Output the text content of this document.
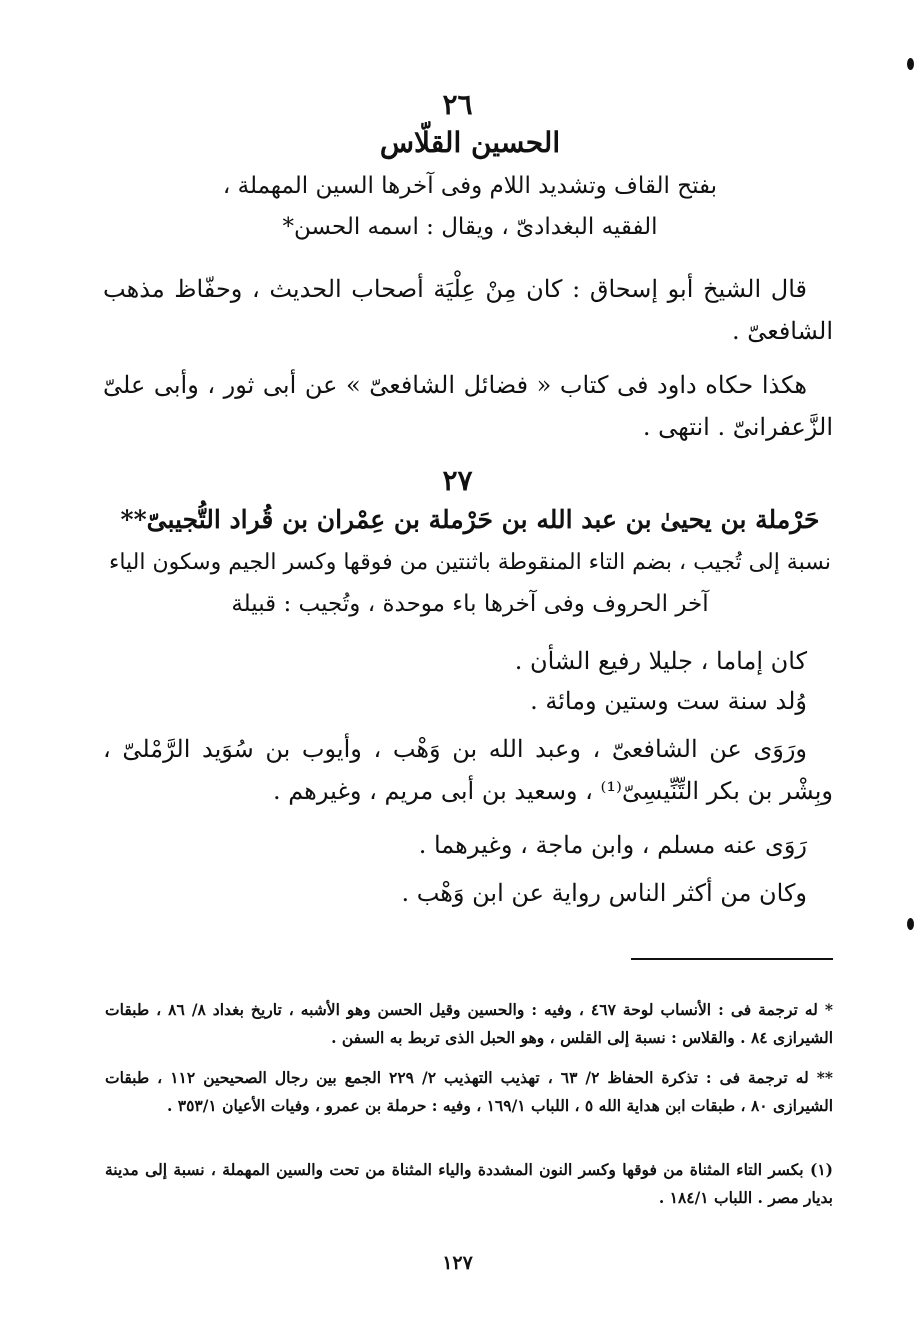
٢٦
الحسين القلّاس
بفتح القاف وتشديد اللام وفى آخرها السين المهملة ،
الفقيه البغدادىّ ، ويقال : اسمه الحسن*

قال الشيخ أبو إسحاق : كان مِنْ عِلْيَة أصحاب الحديث ، وحفّاظ مذهب الشافعىّ .

هكذا حكاه داود فى كتاب « فضائل الشافعىّ » عن أبى ثور ، وأبى علىّ الزَّعفرانىّ . انتهى .

٢٧
حَرْملة بن يحيىٰ بن عبد الله بن حَرْملة بن عِمْران بن قُراد التُّجيبىّ**
نسبة إلى تُجيب ، بضم التاء المنقوطة باثنتين من فوقها وكسر الجيم وسكون الياء
آخر الحروف وفى آخرها باء موحدة ، وتُجيب : قبيلة

كان إماما ، جليلا رفيع الشأن .

وُلد سنة ست وستين ومائة .

ورَوَى عن الشافعىّ ، وعبد الله بن وَهْب ، وأيوب بن سُوَيد الرَّمْلىّ ، وبِشْر بن بكر التِّنِّيسِىّ⁽¹⁾ ، وسعيد بن أبى مريم ، وغيرهم .

رَوَى عنه مسلم ، وابن ماجة ، وغيرهما .

وكان من أكثر الناس رواية عن ابن وَهْب .

* له ترجمة فى : الأنساب لوحة ٤٦٧ ، وفيه : والحسين وقيل الحسن وهو الأشبه ، تاريخ بغداد ٨/ ٨٦ ، طبقات الشيرازى ٨٤ . والقلاس : نسبة إلى القلس ، وهو الحبل الذى تربط به السفن .

** له ترجمة فى : تذكرة الحفاظ ٢/ ٦٣ ، تهذيب التهذيب ٢/ ٢٢٩ الجمع بين رجال الصحيحين ١١٢ ، طبقات الشيرازى ٨٠ ، طبقات ابن هداية الله ٥ ، اللباب ١٦٩/١ ، وفيه : حرملة بن عمرو ، وفيات الأعيان ٣٥٣/١ .

(١) بكسر التاء المثناة من فوقها وكسر النون المشددة والياء المثناة من تحت والسين المهملة ، نسبة إلى مدينة بديار مصر . اللباب ١٨٤/١ .

١٢٧
